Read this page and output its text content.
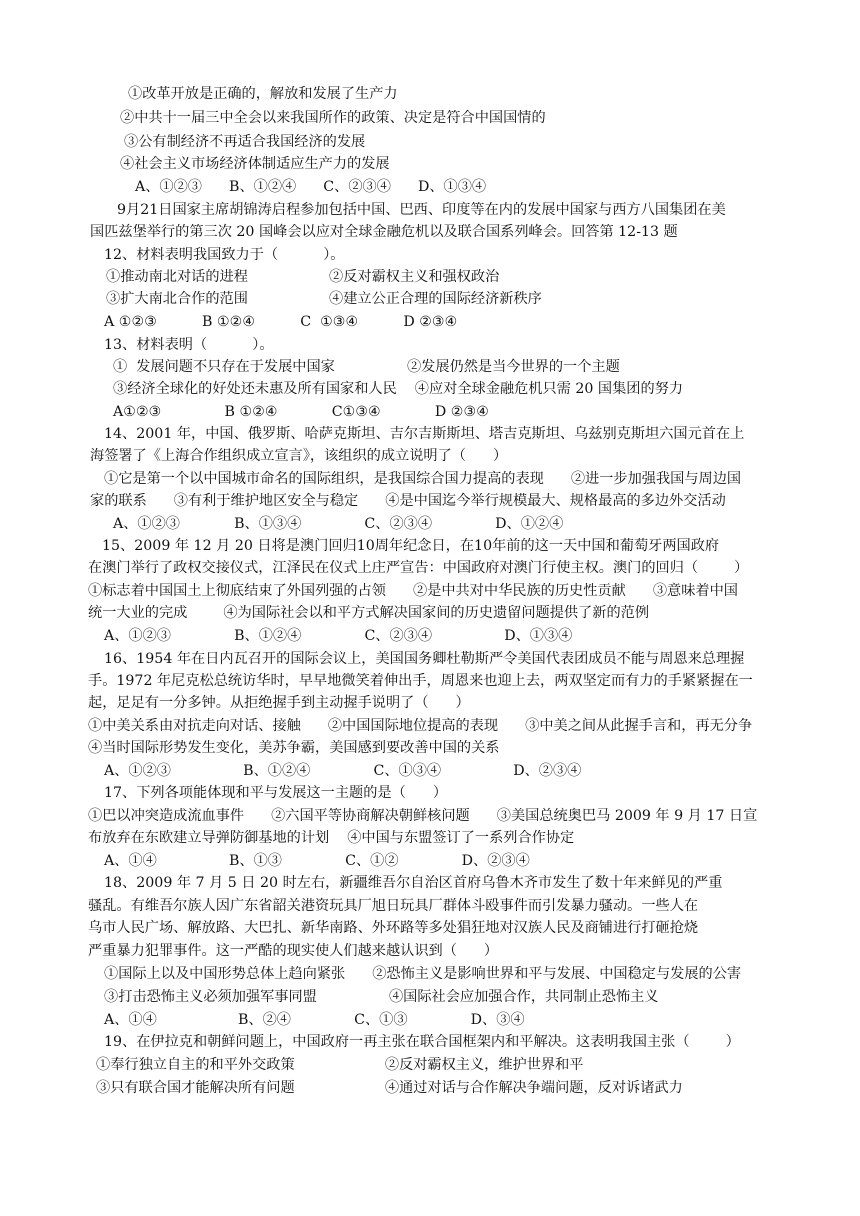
①改革开放是正确的，解放和发展了生产力
②中共十一届三中全会以来我国所作的政策、决定是符合中国国情的
③公有制经济不再适合我国经济的发展
④社会主义市场经济体制适应生产力的发展
A、①②③      B、①②④      C、②③④      D、①③④
9月21日国家主席胡锦涛启程参加包括中国、巴西、印度等在内的发展中国家与西方八国集团在美
国匹兹堡举行的第三次 20 国峰会以应对全球金融危机以及联合国系列峰会。回答第 12-13 题
12、材料表明我国致力于（          ）。
①推动南北对话的进程                  ②反对霸权主义和强权政治
③扩大南北合作的范围                  ④建立公正合理的国际经济新秩序
A ①②③          B ①②④          C  ①③④          D ②③④
13、材料表明（          ）。
①  发展问题不只存在于发展中国家                ②发展仍然是当今世界的一个主题
③经济全球化的好处还未惠及所有国家和人民    ④应对全球金融危机只需 20 国集团的努力
A①②③              B ①②④            C①③④            D ②③④
14、2001 年，中国、俄罗斯、哈萨克斯坦、吉尔吉斯斯坦、塔吉克斯坦、乌兹别克斯坦六国元首在上
海签署了《上海合作组织成立宣言》，该组织的成立说明了（      ）
①它是第一个以中国城市命名的国际组织，是我国综合国力提高的表现      ②进一步加强我国与周边国
家的联系      ③有利于维护地区安全与稳定      ④是中国迄今举行规模最大、规格最高的多边外交活动
A、①②③            B、①③④              C、②③④              D、①②④
15、2009 年 12 月 20 日将是澳门回归10周年纪念日，在10年前的这一天中国和葡萄牙两国政府
在澳门举行了政权交接仪式，江泽民在仪式上庄严宣告：中国政府对澳门行使主权。澳门的回归（        ）
①标志着中国国土上彻底结束了外国列强的占领      ②是中共对中华民族的历史性贡献      ③意味着中国
统一大业的完成        ④为国际社会以和平方式解决国家间的历史遗留问题提供了新的范例
A、①②③              B、①②④              C、②③④                D、①③④
16、1954 年在日内瓦召开的国际会议上，美国国务卿杜勒斯严令美国代表团成员不能与周恩来总理握
手。1972 年尼克松总统访华时，早早地微笑着伸出手，周恩来也迎上去，两双坚定而有力的手紧紧握在一
起，足足有一分多钟。从拒绝握手到主动握手说明了（      ）
①中美关系由对抗走向对话、接触      ②中国国际地位提高的表现      ③中美之间从此握手言和，再无分争
④当时国际形势发生变化，美苏争霸，美国感到要改善中国的关系
A、①②③                B、①②④              C、①③④                D、②③④
17、下列各项能体现和平与发展这一主题的是（      ）
①巴以冲突造成流血事件      ②六国平等协商解决朝鲜核问题      ③美国总统奥巴马 2009 年 9 月 17 日宣
布放弃在东欧建立导弹防御基地的计划    ④中国与东盟签订了一系列合作协定
A、①④                B、①③              C、①②              D、②③④
18、2009 年 7 月 5 日 20 时左右，新疆维吾尔自治区首府乌鲁木齐市发生了数十年来鲜见的严重
骚乱。有维吾尔族人因广东省韶关港资玩具厂旭日玩具厂群体斗殴事件而引发暴力骚动。一些人在
乌市人民广场、解放路、大巴扎、新华南路、外环路等多处猖狂地对汉族人民及商铺进行打砸抢烧
严重暴力犯罪事件。这一严酷的现实使人们越来越认识到（      ）
①国际上以及中国形势总体上趋向紧张      ②恐怖主义是影响世界和平与发展、中国稳定与发展的公害
③打击恐怖主义必须加强军事同盟                ④国际社会应加强合作，共同制止恐怖主义
A、①④                  B、②④              C、①③              D、③④
19、在伊拉克和朝鲜问题上，中国政府一再主张在联合国框架内和平解决。这表明我国主张（        ）
①奉行独立自主的和平外交政策                    ②反对霸权主义，维护世界和平
③只有联合国才能解决所有问题                    ④通过对话与合作解决争端问题，反对诉诸武力
